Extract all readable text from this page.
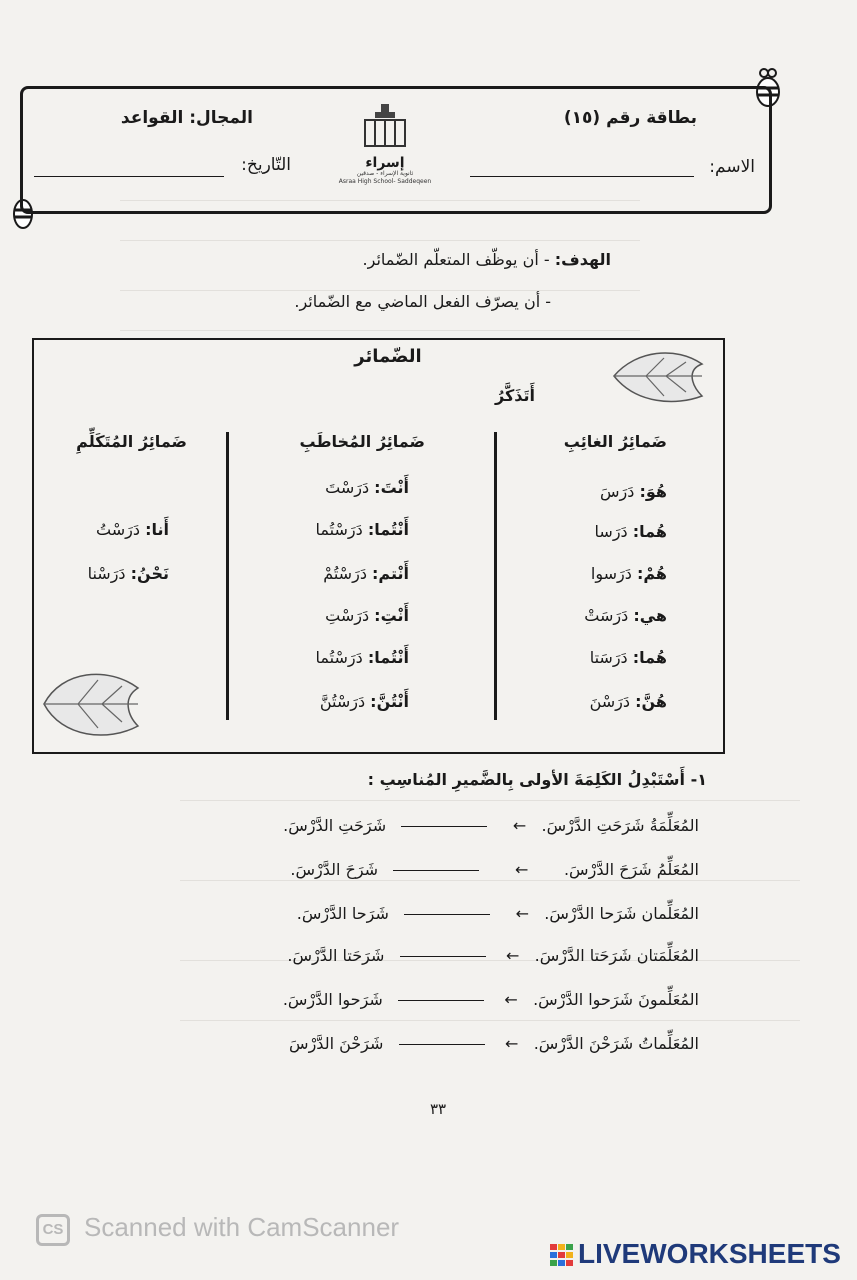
بطاقة رقم (١٥)
المجال: القواعد
الاسم:
التّاريخ:	إسراء
ثانوية الإسراء - صدقين
Asraa High School- Saddeqeen
الهدف: - أن يوظّف المتعلّم الضّمائر.
- أن يصرّف الفعل الماضي مع الضّمائر.
الضّمائر
أَتَذَكَّرُ
ضَمائِرُ الغائِبِ
ضَمائِرُ المُخاطَبِ
ضَمائِرُ المُتَكَلِّمِ
هُوَ: دَرَسَ
هُما: دَرَسا
هُمْ: دَرَسوا
هي: دَرَسَتْ
هُما: دَرَسَتا
هُنَّ: دَرَسْنَ
أَنْتَ: دَرَسْتَ
أَنْتُما: دَرَسْتُما
أَنْتم: دَرَسْتُمْ
أَنْتِ: دَرَسْتِ
أَنْتُما: دَرَسْتُما
أَنْتُنَّ: دَرَسْتُنَّ
أَنا: دَرَسْتُ
نَحْنُ: دَرَسْنا
١- أَسْتَبْدِلُ الكَلِمَةَ الأولى بِالضَّميرِ المُناسِبِ :
المُعَلِّمَةُ شَرَحَتِ الدَّرْسَ.   ←        شَرَحَتِ الدَّرْسَ.
المُعَلِّمُ شَرَحَ الدَّرْسَ.       ←          شَرَحَ الدَّرْسَ.
المُعَلِّمان شَرَحا الدَّرْسَ.   ←        شَرَحا الدَّرْسَ.
المُعَلِّمَتان شَرَحَتا الدَّرْسَ.   ←       شَرَحَتا الدَّرْسَ.
المُعَلِّمونَ شَرَحوا الدَّرْسَ.   ←       شَرَحوا الدَّرْسَ.
المُعَلِّماتُ شَرَحْنَ الدَّرْسَ.   ←       شَرَحْنَ الدَّرْسَ
٣٣
CS Scanned with CamScanner
LIVEWORKSHEETS
